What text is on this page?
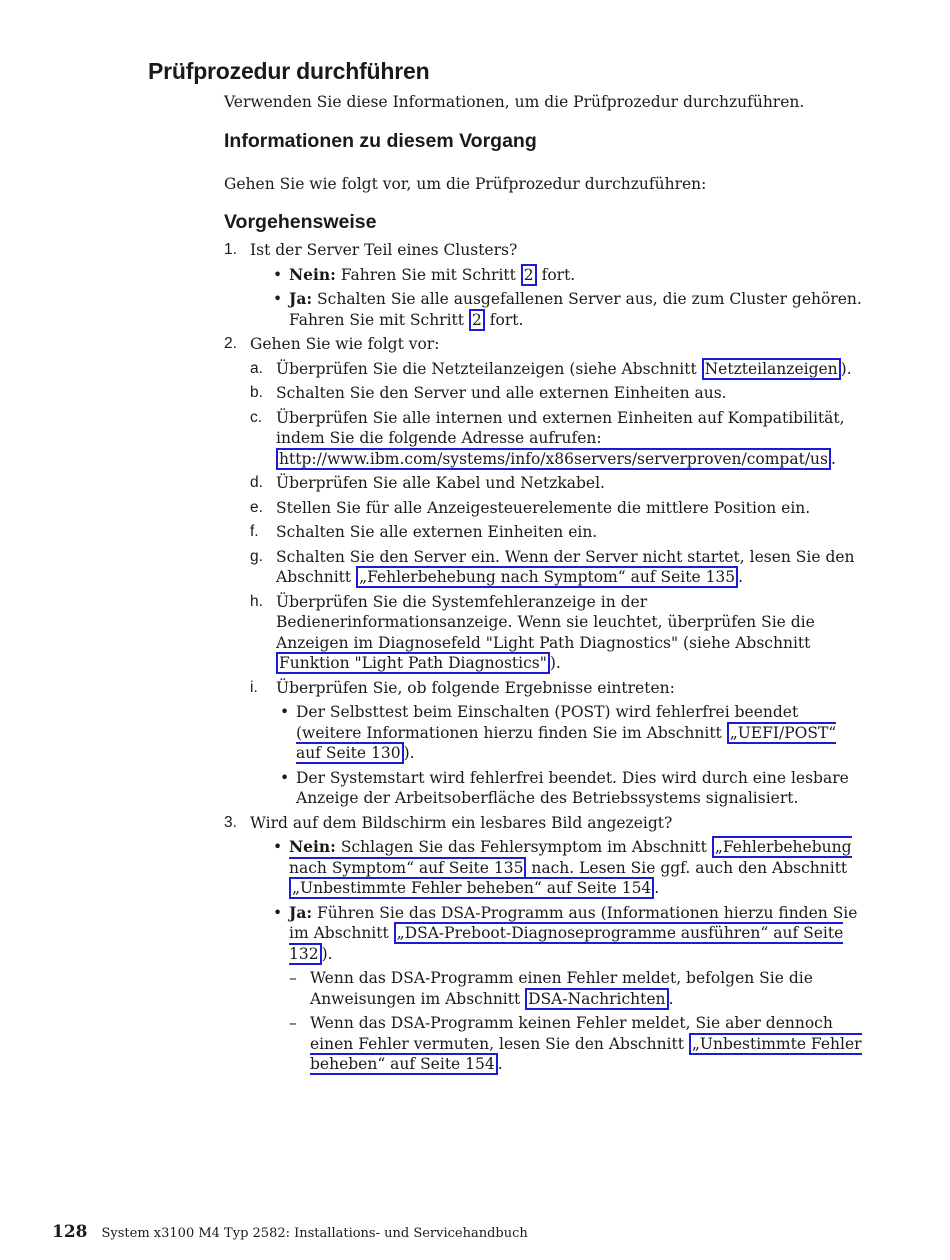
Prüfprozedur durchführen

Verwenden Sie diese Informationen, um die Prüfprozedur durchzuführen.

Informationen zu diesem Vorgang

Gehen Sie wie folgt vor, um die Prüfprozedur durchzuführen:

Vorgehensweise
1. Ist der Server Teil eines Clusters?
• Nein: Fahren Sie mit Schritt 2 fort.
• Ja: Schalten Sie alle ausgefallenen Server aus, die zum Cluster gehören. Fahren Sie mit Schritt 2 fort.
2. Gehen Sie wie folgt vor:
a. Überprüfen Sie die Netzteilanzeigen (siehe Abschnitt Netzteilanzeigen ).
b. Schalten Sie den Server und alle externen Einheiten aus.
c. Überprüfen Sie alle internen und externen Einheiten auf Kompatibilität, indem Sie die folgende Adresse aufrufen: http://www.ibm.com/systems/info/x86servers/serverproven/compat/us .
d. Überprüfen Sie alle Kabel und Netzkabel.
e. Stellen Sie für alle Anzeigesteuerelemente die mittlere Position ein.
f. Schalten Sie alle externen Einheiten ein.
g. Schalten Sie den Server ein. Wenn der Server nicht startet, lesen Sie den Abschnitt „Fehlerbehebung nach Symptom“ auf Seite 135 .
h. Überprüfen Sie die Systemfehleranzeige in der Bedienerinformationsanzeige. Wenn sie leuchtet, überprüfen Sie die Anzeigen im Diagnosefeld "Light Path Diagnostics" (siehe Abschnitt Funktion "Light Path Diagnostics" ).
i. Überprüfen Sie, ob folgende Ergebnisse eintreten:
• Der Selbsttest beim Einschalten (POST) wird fehlerfrei beendet (weitere Informationen hierzu finden Sie im Abschnitt „UEFI/POST“ auf Seite 130 ).
• Der Systemstart wird fehlerfrei beendet. Dies wird durch eine lesbare Anzeige der Arbeitsoberfläche des Betriebssystems signalisiert.
3. Wird auf dem Bildschirm ein lesbares Bild angezeigt?
• Nein: Schlagen Sie das Fehlersymptom im Abschnitt „Fehlerbehebung nach Symptom“ auf Seite 135 nach. Lesen Sie ggf. auch den Abschnitt „Unbestimmte Fehler beheben“ auf Seite 154 .
• Ja: Führen Sie das DSA-Programm aus (Informationen hierzu finden Sie im Abschnitt „DSA-Preboot-Diagnoseprogramme ausführen“ auf Seite 132 ).
– Wenn das DSA-Programm einen Fehler meldet, befolgen Sie die Anweisungen im Abschnitt DSA-Nachrichten .
– Wenn das DSA-Programm keinen Fehler meldet, Sie aber dennoch einen Fehler vermuten, lesen Sie den Abschnitt „Unbestimmte Fehler beheben“ auf Seite 154 .
128 System x3100 M4 Typ 2582: Installations- und Servicehandbuch
